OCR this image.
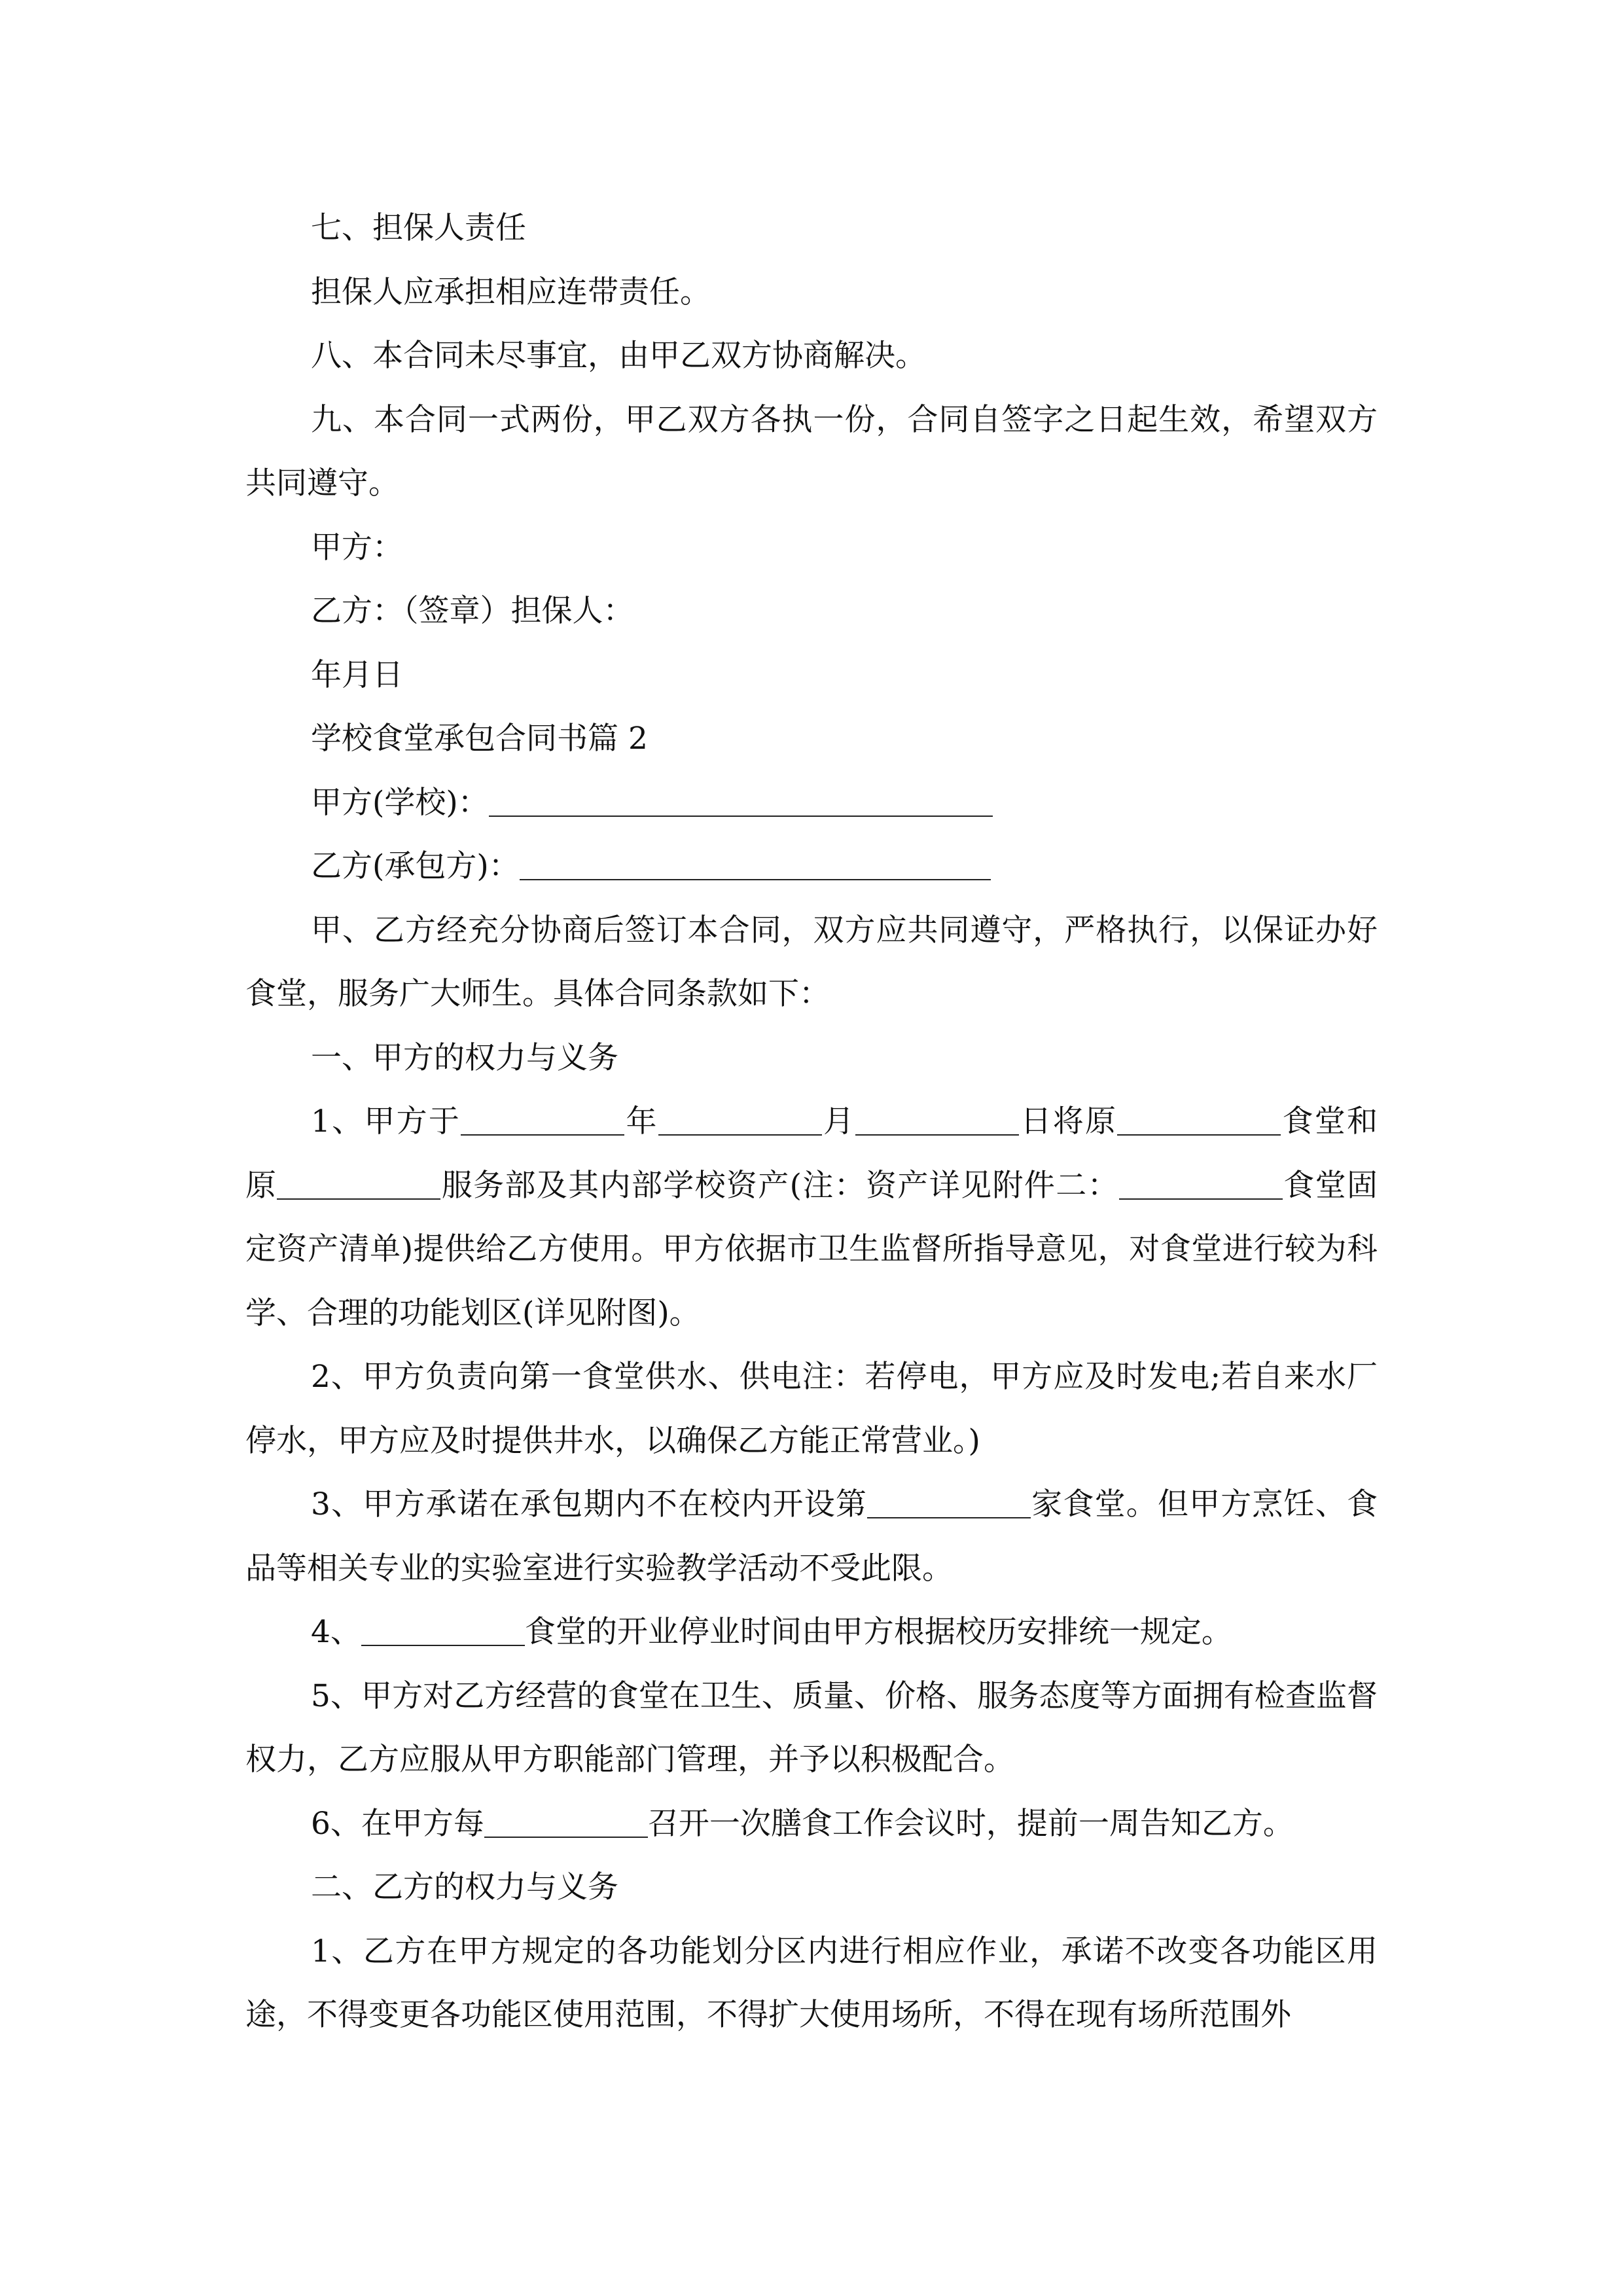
七、担保人责任

担保人应承担相应连带责任。

八、本合同未尽事宜，由甲乙双方协商解决。

九、本合同一式两份，甲乙双方各执一份，合同自签字之日起生效，希望双方共同遵守。

甲方：

乙方：（签章）担保人：

年月日

学校食堂承包合同书篇 2

甲方(学校)：

乙方(承包方)：

甲、乙方经充分协商后签订本合同，双方应共同遵守，严格执行，以保证办好食堂，服务广大师生。具体合同条款如下：

一、甲方的权力与义务

1、甲方于	年	月	日将原	食堂和原	服务部及其内部学校资产(注：资产详见附件二：	食堂固定资产清单)提供给乙方使用。甲方依据市卫生监督所指导意见，对食堂进行较为科学、合理的功能划区(详见附图)。

2、甲方负责向第一食堂供水、供电注：若停电，甲方应及时发电;若自来水厂停水，甲方应及时提供井水，以确保乙方能正常营业。)

3、甲方承诺在承包期内不在校内开设第	家食堂。但甲方烹饪、食品等相关专业的实验室进行实验教学活动不受此限。

4、	食堂的开业停业时间由甲方根据校历安排统一规定。

5、甲方对乙方经营的食堂在卫生、质量、价格、服务态度等方面拥有检查监督权力，乙方应服从甲方职能部门管理，并予以积极配合。

6、在甲方每	召开一次膳食工作会议时，提前一周告知乙方。

二、乙方的权力与义务

1、乙方在甲方规定的各功能划分区内进行相应作业，承诺不改变各功能区用途，不得变更各功能区使用范围，不得扩大使用场所，不得在现有场所范围外
